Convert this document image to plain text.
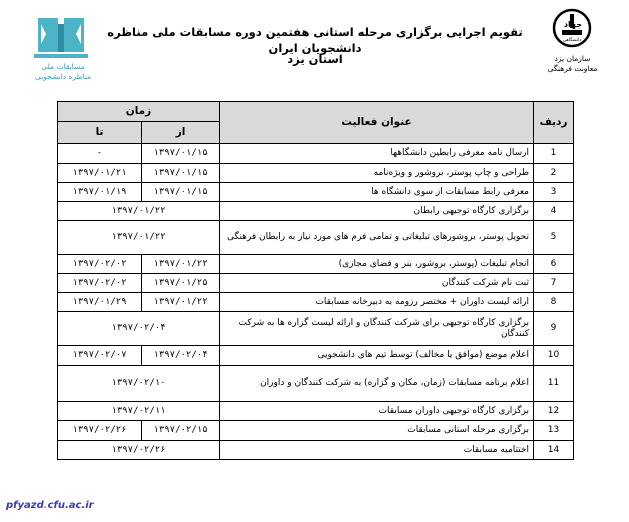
مسابقات ملی
مناظره دانشجویی
تقویم اجرایی برگزاری مرحله استانی هفتمین دوره مسابقات ملی مناظره دانشجویان ایران
استان یزد
جهاد
دانشگاهی
سازمان یزد
معاونت فرهنگی
ردیف	عنوان فعالیت	زمان	
		از	تا
1	ارسال نامه معرفی رابطین دانشگاهها	۱۳۹۷/۰۱/۱۵	-
2	طراحی و چاپ پوستر، بروشور و ویژه‌نامه	۱۳۹۷/۰۱/۱۵	۱۳۹۷/۰۱/۲۱
3	معرفی رابط مسابقات از سوی دانشگاه ها	۱۳۹۷/۰۱/۱۵	۱۳۹۷/۰۱/۱۹
4	برگزاری کارگاه توجیهی رابطان	۱۳۹۷/۰۱/۲۲	
5	تحویل پوستر، بروشورهای تبلیغاتی و تمامی فرم های مورد نیاز به رابطان فرهنگی	۱۳۹۷/۰۱/۲۲	
6	انجام تبلیغات (پوستر، بروشور، بنر و فضای مجازی)	۱۳۹۷/۰۱/۲۲	۱۳۹۷/۰۲/۰۲
7	ثبت نام شرکت کنندگان	۱۳۹۷/۰۱/۲۵	۱۳۹۷/۰۲/۰۲
8	ارائه لیست داوران + مختصر رزومه به دبیرخانه مسابقات	۱۳۹۷/۰۱/۲۲	۱۳۹۷/۰۱/۲۹
9	برگزاری کارگاه توجیهی برای شرکت کنندگان و ارائه لیست گزاره ها به شرکت کنندگان	۱۳۹۷/۰۲/۰۴	
10	اعلام موضع (موافق یا مخالف) توسط تیم های دانشجویی	۱۳۹۷/۰۲/۰۴	۱۳۹۷/۰۲/۰۷
11	اعلام برنامه مسابقات (زمان، مکان و گزاره) به شرکت کنندگان و داوران	۱۳۹۷/۰۲/۱۰	
12	برگزاری کارگاه توجیهی داوران مسابقات	۱۳۹۷/۰۲/۱۱	
13	برگزاری مرحله استانی مسابقات	۱۳۹۷/۰۲/۱۵	۱۳۹۷/۰۲/۲۶
14	اختتامیه مسابقات	۱۳۹۷/۰۲/۲۶	
pfyazd.cfu.ac.ir
